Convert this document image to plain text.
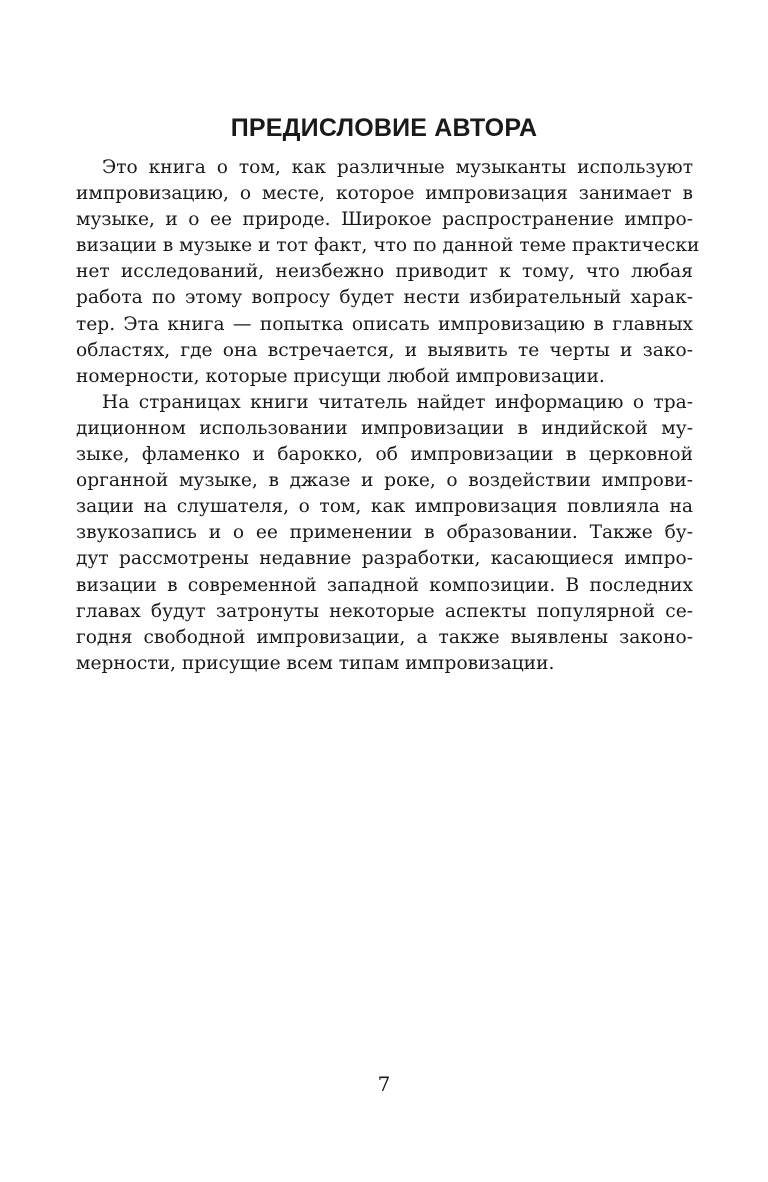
ПРЕДИСЛОВИЕ АВТОРА

Это книга о том, как различные музыканты используют
импровизацию, о месте, которое импровизация занимает в
музыке, и о ее природе. Широкое распространение импро-
визации в музыке и тот факт, что по данной теме практически
нет исследований, неизбежно приводит к тому, что любая
работа по этому вопросу будет нести избирательный харак-
тер. Эта книга — попытка описать импровизацию в главных
областях, где она встречается, и выявить те черты и зако-
номерности, которые присущи любой импровизации.

На страницах книги читатель найдет информацию о тра-
диционном использовании импровизации в индийской му-
зыке, фламенко и барокко, об импровизации в церковной
органной музыке, в джазе и роке, о воздействии импрови-
зации на слушателя, о том, как импровизация повлияла на
звукозапись и о ее применении в образовании. Также бу-
дут рассмотрены недавние разработки, касающиеся импро-
визации в современной западной композиции. В последних
главах будут затронуты некоторые аспекты популярной се-
годня свободной импровизации, а также выявлены законо-
мерности, присущие всем типам импровизации.

7
